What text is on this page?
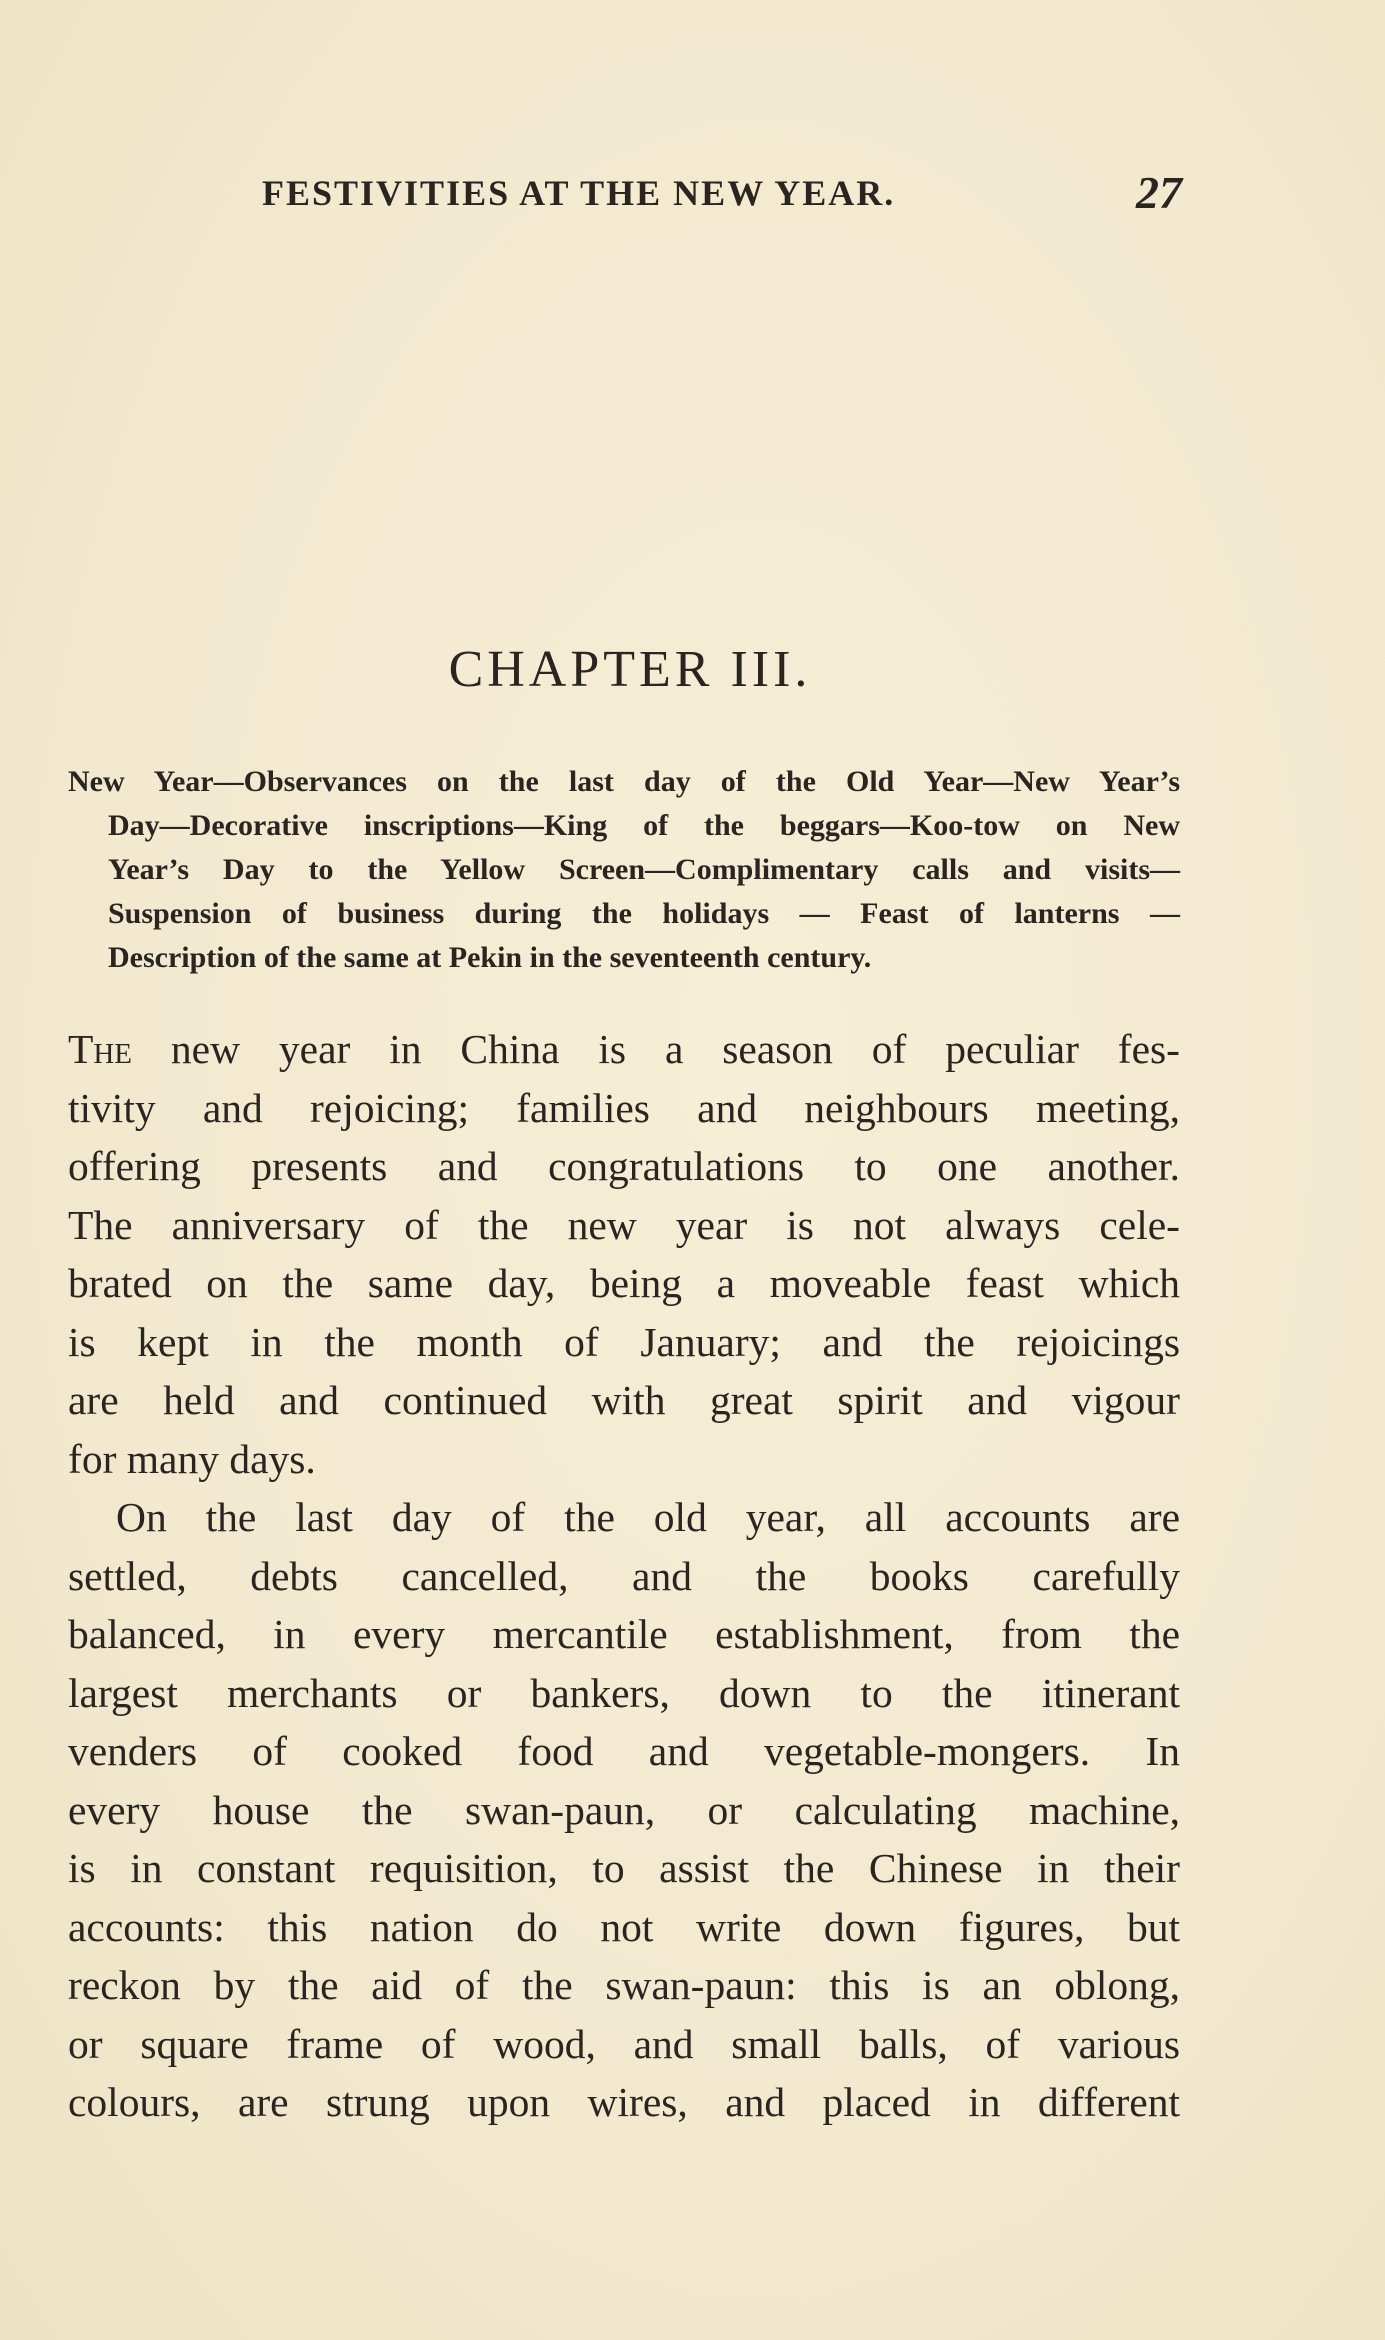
FESTIVITIES AT THE NEW YEAR.	27
CHAPTER III.
New Year—Observances on the last day of the Old Year—New Year’s
Day—Decorative inscriptions—King of the beggars—Koo-tow on New
Year’s Day to the Yellow Screen—Complimentary calls and visits—
Suspension of business during the holidays — Feast of lanterns —
Description of the same at Pekin in the seventeenth century.
The new year in China is a season of peculiar fes-
tivity and rejoicing; families and neighbours meeting,
offering presents and congratulations to one another.
The anniversary of the new year is not always cele-
brated on the same day, being a moveable feast which
is kept in the month of January; and the rejoicings
are held and continued with great spirit and vigour
for many days.
On the last day of the old year, all accounts are
settled, debts cancelled, and the books carefully
balanced, in every mercantile establishment, from the
largest merchants or bankers, down to the itinerant
venders of cooked food and vegetable-mongers. In
every house the swan-paun, or calculating machine,
is in constant requisition, to assist the Chinese in their
accounts: this nation do not write down figures, but
reckon by the aid of the swan-paun: this is an oblong,
or square frame of wood, and small balls, of various
colours, are strung upon wires, and placed in different
